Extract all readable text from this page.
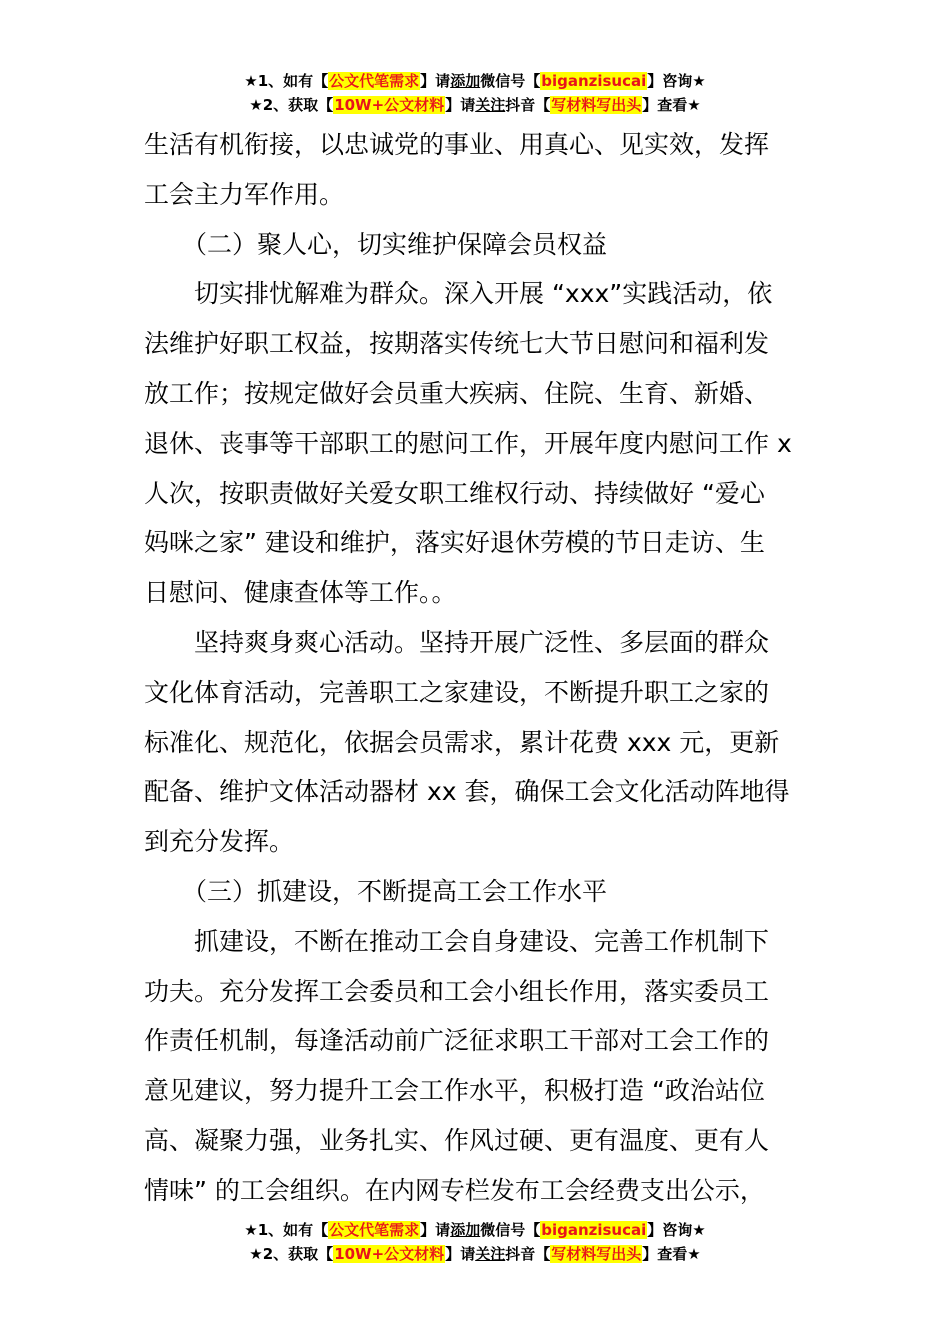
★1、如有【公文代笔需求】请添加微信号【biganzisucai】咨询★
★2、获取【10W+公文材料】请关注抖音【写材料写出头】查看★
生活有机衔接，以忠诚党的事业、用真心、见实效，发挥
工会主力军作用。
（二）聚人心，切实维护保障会员权益
切实排忧解难为群众。深入开展 “xxx”实践活动，依
法维护好职工权益，按期落实传统七大节日慰问和福利发
放工作；按规定做好会员重大疾病、住院、生育、新婚、
退休、丧事等干部职工的慰问工作，开展年度内慰问工作 x
人次，按职责做好关爱女职工维权行动、持续做好 “爱心
妈咪之家” 建设和维护，落实好退休劳模的节日走访、生
日慰问、健康查体等工作。。
坚持爽身爽心活动。坚持开展广泛性、多层面的群众
文化体育活动，完善职工之家建设，不断提升职工之家的
标准化、规范化，依据会员需求，累计花费 xxx 元，更新
配备、维护文体活动器材 xx 套，确保工会文化活动阵地得
到充分发挥。
（三）抓建设，不断提高工会工作水平
抓建设，不断在推动工会自身建设、完善工作机制下
功夫。充分发挥工会委员和工会小组长作用，落实委员工
作责任机制，每逢活动前广泛征求职工干部对工会工作的
意见建议，努力提升工会工作水平，积极打造 “政治站位
高、凝聚力强，业务扎实、作风过硬、更有温度、更有人
情味” 的工会组织。在内网专栏发布工会经费支出公示，
★1、如有【公文代笔需求】请添加微信号【biganzisucai】咨询★
★2、获取【10W+公文材料】请关注抖音【写材料写出头】查看★
